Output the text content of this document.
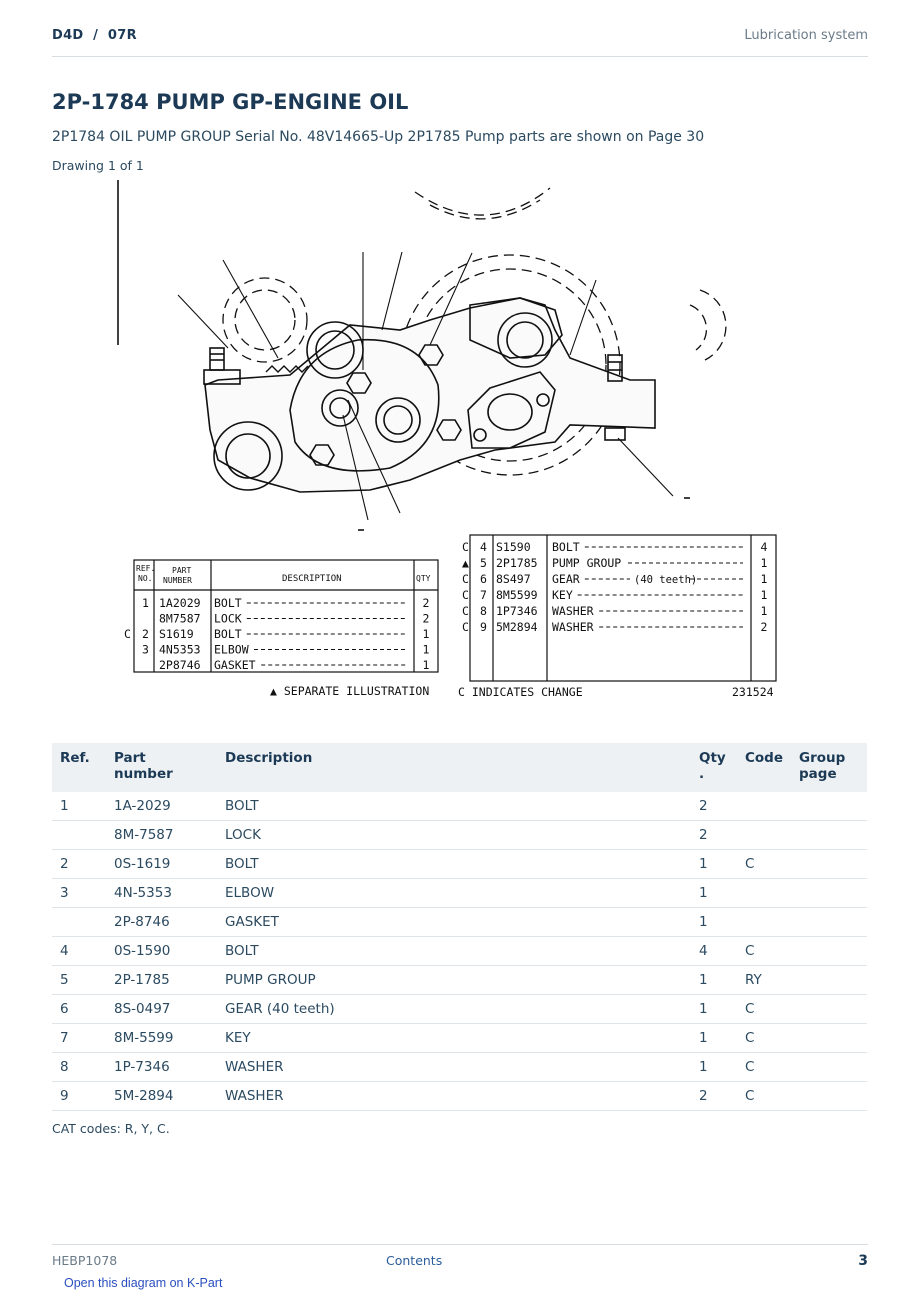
D4D  /  07R	Lubrication system
2P-1784 PUMP GP-ENGINE OIL
2P1784 OIL PUMP GROUP Serial No. 48V14665-Up 2P1785 Pump parts are shown on Page 30
Drawing 1 of 1
REF.
NO.
PART
NUMBER	DESCRIPTION	QTY
1 1A2029 BOLT	2
8M7587 LOCK	2
C 2 S1619 BOLT	1
3 4N5353 ELBOW	1
2P8746 GASKET	1
▲ SEPARATE ILLUSTRATION
C 4 S1590 BOLT	4
▲ 5 2P1785 PUMP GROUP	1
C 6 8S497 GEAR	1
(40 teeth)
C 7 8M5599 KEY	1
C 8 1P7346 WASHER	1
C 9 5M2894 WASHER	2
C INDICATES CHANGE	231524
Ref.	Part number	Description	Qty .	Code	Group page
1	1A-2029	BOLT	2		
	8M-7587	LOCK	2		
2	0S-1619	BOLT	1	C	
3	4N-5353	ELBOW	1		
	2P-8746	GASKET	1		
4	0S-1590	BOLT	4	C	
5	2P-1785	PUMP GROUP	1	RY	
6	8S-0497	GEAR (40 teeth)	1	C	
7	8M-5599	KEY	1	C	
8	1P-7346	WASHER	1	C	
9	5M-2894	WASHER	2	C	
CAT codes: R, Y, C.
HEBP1078	Contents	3
Open this diagram on K-Part
